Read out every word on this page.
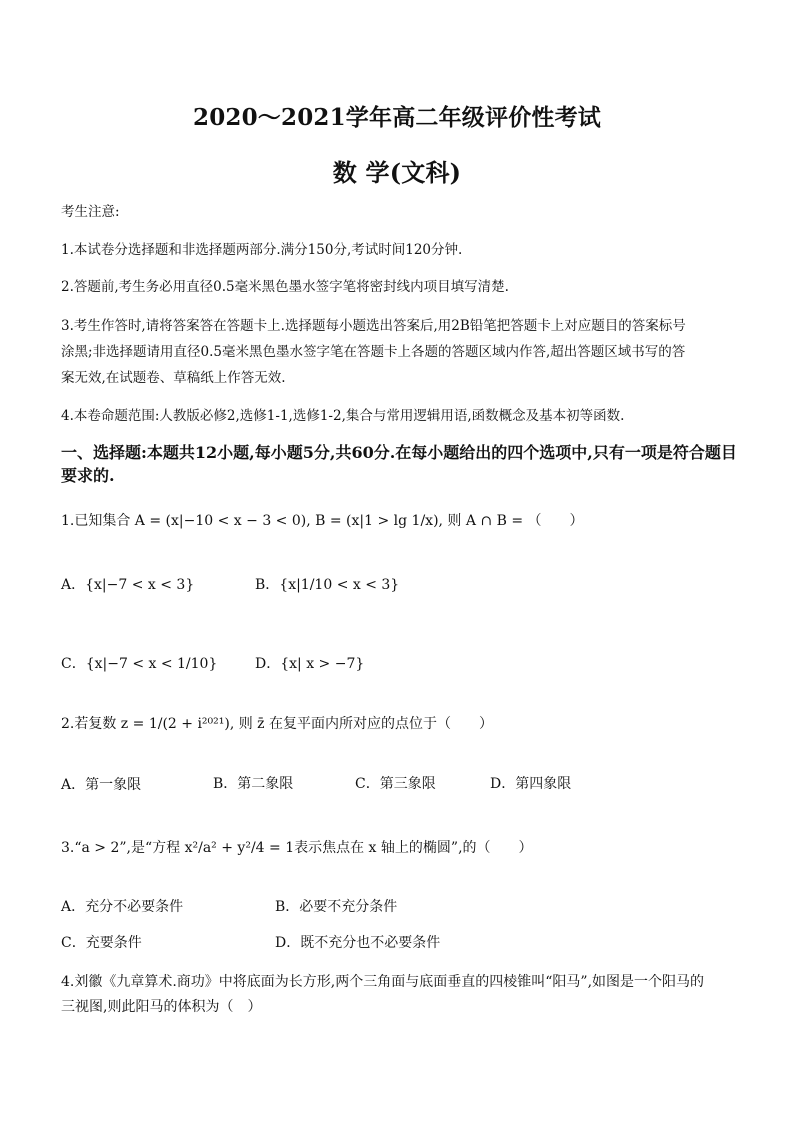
2020～2021学年高二年级评价性考试
数 学(文科)
考生注意:
1.本试卷分选择题和非选择题两部分.满分150分,考试时间120分钟.
2.答题前,考生务必用直径0.5毫米黑色墨水签字笔将密封线内项目填写清楚.
3.考生作答时,请将答案答在答题卡上.选择题每小题选出答案后,用2B铅笔把答题卡上对应题目的答案标号
涂黑;非选择题请用直径0.5毫米黑色墨水签字笔在答题卡上各题的答题区域内作答,超出答题区域书写的答
案无效,在试题卷、草稿纸上作答无效.
4.本卷命题范围:人教版必修2,选修1-1,选修1-2,集合与常用逻辑用语,函数概念及基本初等函数.
一、选择题:本题共12小题,每小题5分,共60分.在每小题给出的四个选项中,只有一项是符合题目要求的.
1.已知集合 A = (x|−10 < x − 3 < 0), B = (x|1 > lg 1/x), 则 A ∩ B = （　　）
A．{x|−7 < x < 3}	B．{x|1/10 < x < 3}
C．{x|−7 < x < 1/10}	D．{x| x > −7}
2.若复数 z = 1/(2 + i²⁰²¹), 则 z̄ 在复平面内所对应的点位于（　　）
A．第一象限	B．第二象限	C．第三象限	D．第四象限
3.“a > 2”,是“方程 x²/a² + y²/4 = 1表示焦点在 x 轴上的椭圆”,的（　　）
A．充分不必要条件	B．必要不充分条件
C．充要条件	D．既不充分也不必要条件
4.刘徽《九章算术.商功》中将底面为长方形,两个三角面与底面垂直的四棱锥叫“阳马”,如图是一个阳马的
三视图,则此阳马的体积为（　）
